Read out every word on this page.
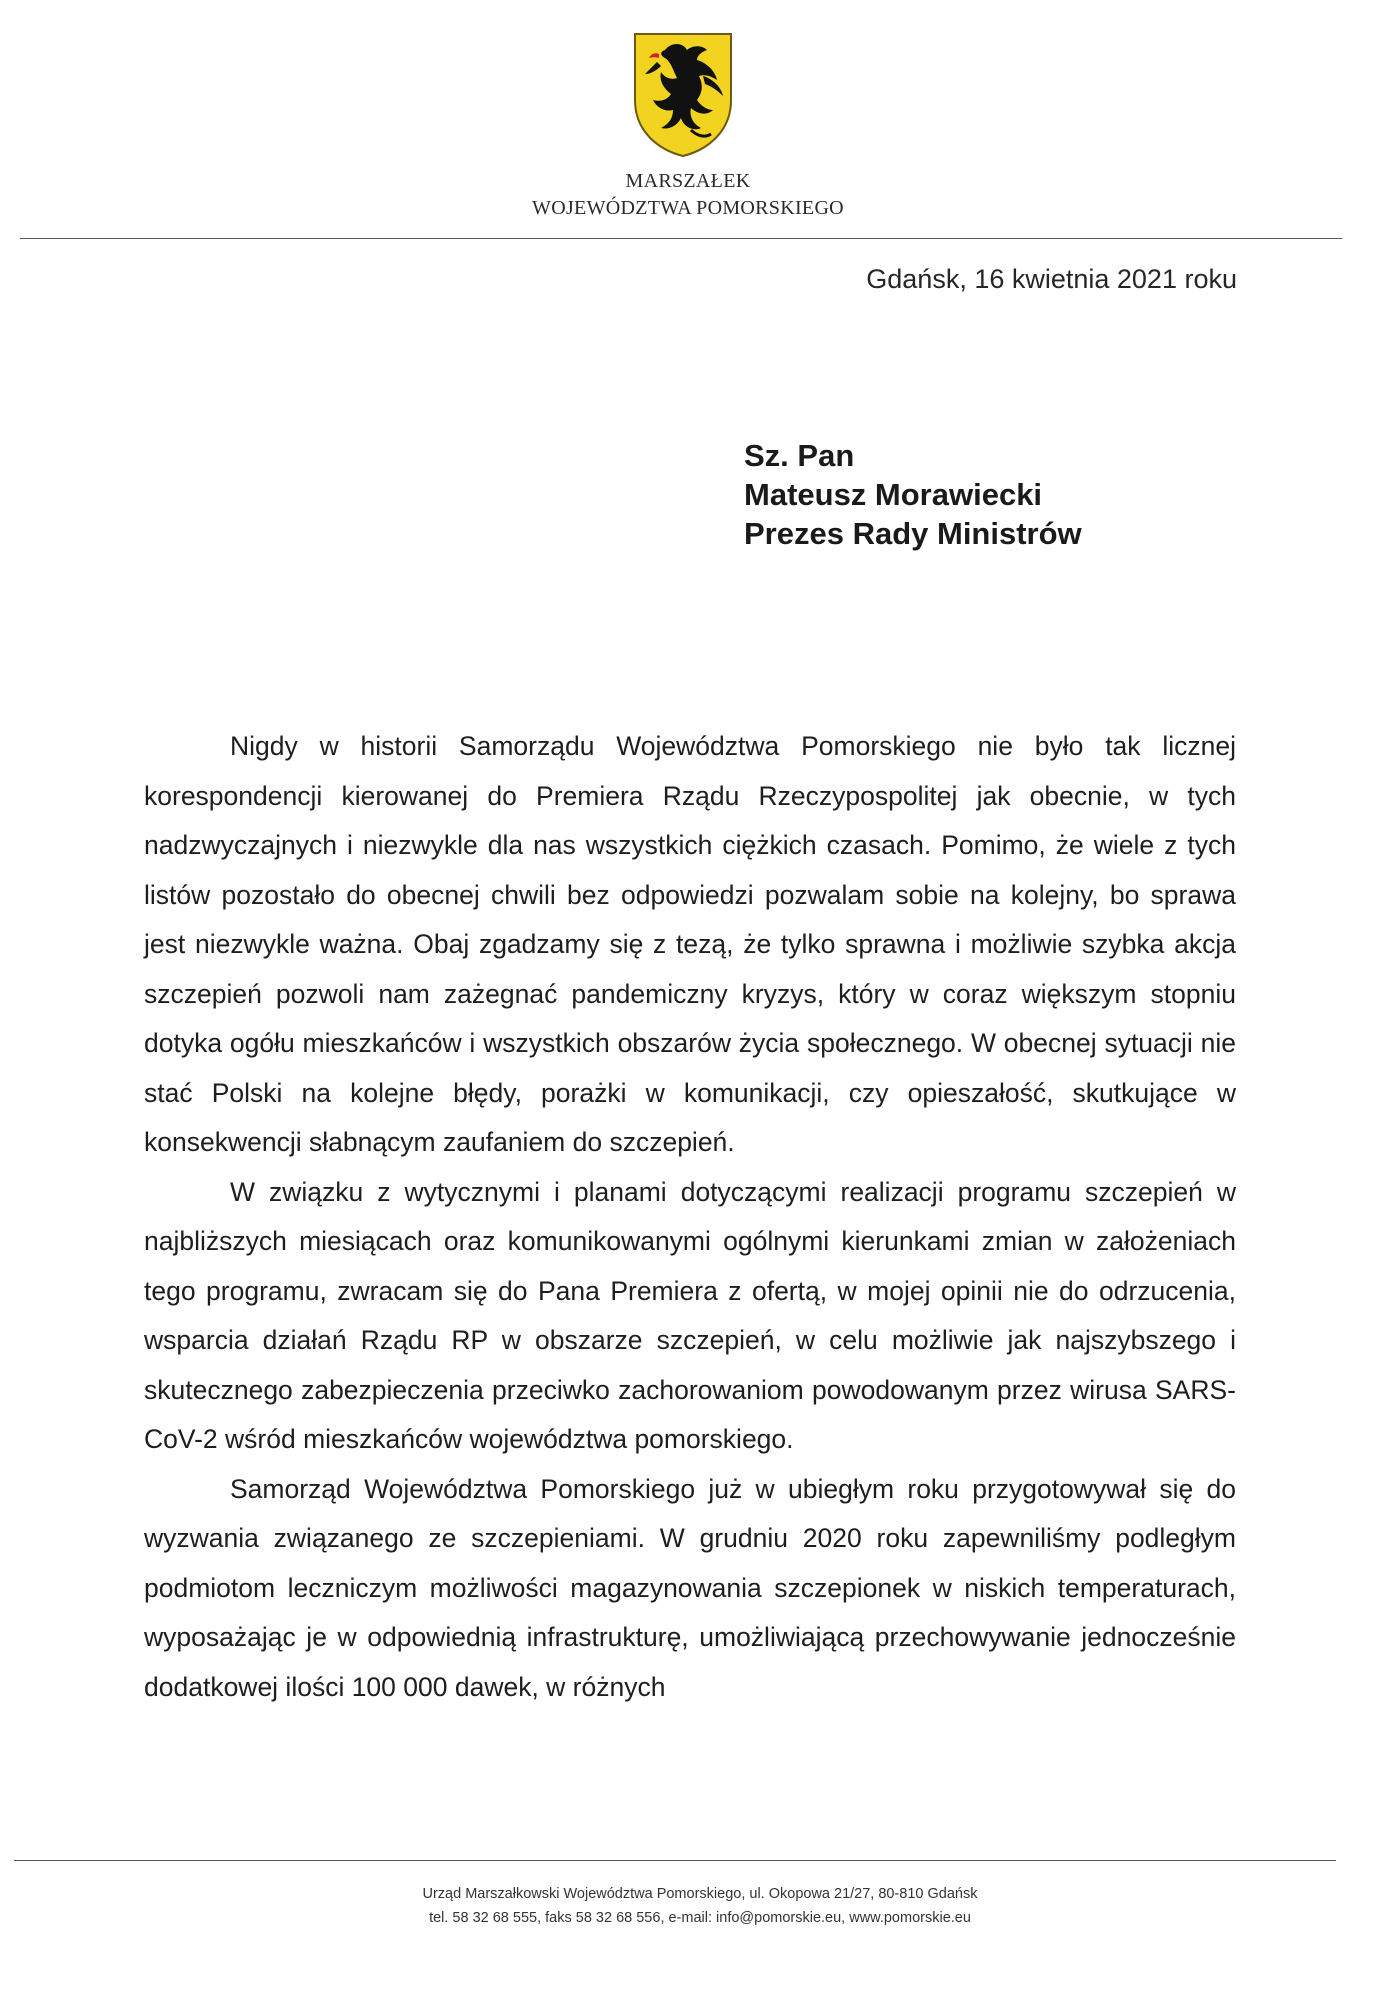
MARSZAŁEK
WOJEWÓDZTWA POMORSKIEGO
Gdańsk, 16 kwietnia 2021 roku
Sz. Pan
Mateusz Morawiecki
Prezes Rady Ministrów

Nigdy w historii Samorządu Województwa Pomorskiego nie było tak licznej korespondencji kierowanej do Premiera Rządu Rzeczypospolitej jak obecnie, w tych nadzwyczajnych i niezwykle dla nas wszystkich ciężkich czasach. Pomimo, że wiele z tych listów pozostało do obecnej chwili bez odpowiedzi pozwalam sobie na kolejny, bo sprawa jest niezwykle ważna. Obaj zgadzamy się z tezą, że tylko sprawna i możliwie szybka akcja szczepień pozwoli nam zażegnać pandemiczny kryzys, który w coraz większym stopniu dotyka ogółu mieszkańców i wszystkich obszarów życia społecznego. W obecnej sytuacji nie stać Polski na kolejne błędy, porażki w komunikacji, czy opieszałość, skutkujące w konsekwencji słabnącym zaufaniem do szczepień.

W związku z wytycznymi i planami dotyczącymi realizacji programu szczepień w najbliższych miesiącach oraz komunikowanymi ogólnymi kierunkami zmian w założeniach tego programu, zwracam się do Pana Premiera z ofertą, w mojej opinii nie do odrzucenia, wsparcia działań Rządu RP w obszarze szczepień, w celu możliwie jak najszybszego i skutecznego zabezpieczenia przeciwko zachorowaniom powodowanym przez wirusa SARS-CoV-2 wśród mieszkańców województwa pomorskiego.

Samorząd Województwa Pomorskiego już w ubiegłym roku przygotowywał się do wyzwania związanego ze szczepieniami. W grudniu 2020 roku zapewniliśmy podległym podmiotom leczniczym możliwości magazynowania szczepionek w niskich temperaturach, wyposażając je w odpowiednią infrastrukturę, umożliwiającą przechowywanie jednocześnie dodatkowej ilości 100 000 dawek, w różnych

Urząd Marszałkowski Województwa Pomorskiego, ul. Okopowa 21/27, 80-810 Gdańsk
tel. 58 32 68 555, faks 58 32 68 556, e-mail: info@pomorskie.eu, www.pomorskie.eu
